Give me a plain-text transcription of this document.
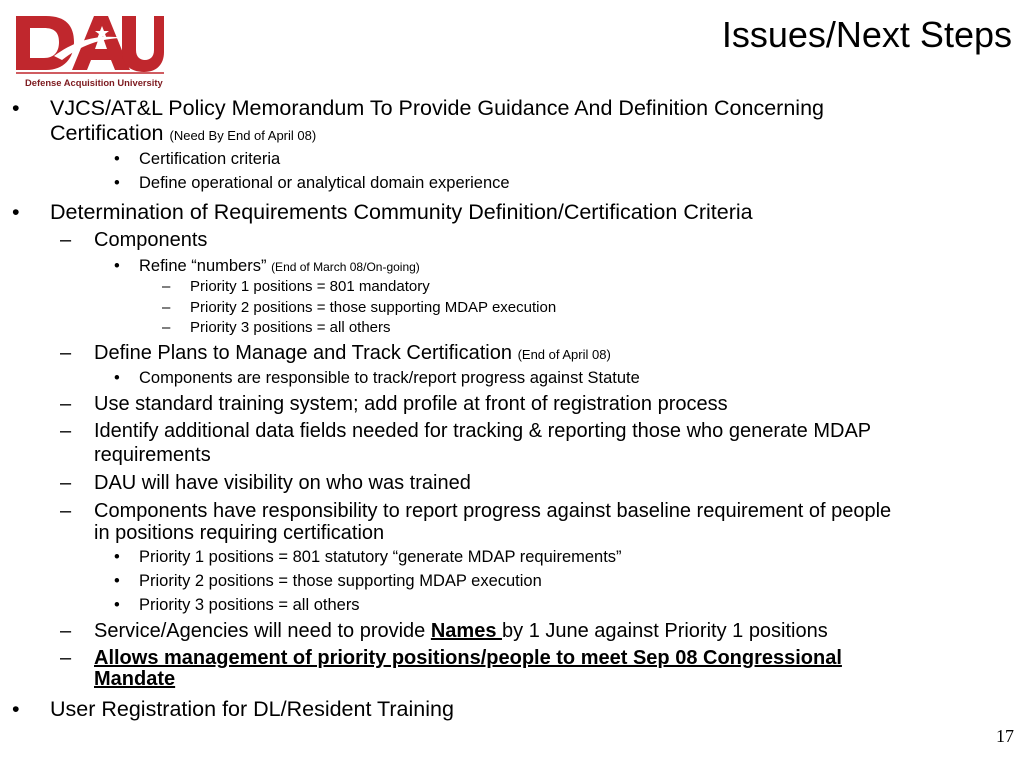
Defense Acquisition University
Issues/Next Steps
• VJCS/AT&L Policy Memorandum To Provide Guidance And Definition Concerning
Certification (Need By End of April 08)
• Certification criteria
• Define operational or analytical domain experience
• Determination of Requirements Community Definition/Certification Criteria
– Components
• Refine “numbers” (End of March 08/On-going)
– Priority 1 positions = 801 mandatory
– Priority 2 positions = those supporting MDAP execution
– Priority 3 positions = all others
– Define Plans to Manage and Track Certification (End of April 08)
• Components are responsible to track/report progress against Statute
– Use standard training system; add profile at front of registration process
– Identify additional data fields needed for tracking & reporting those who generate MDAP
requirements
– DAU will have visibility on who was trained
– Components have responsibility to report progress against baseline requirement of people
in positions requiring certification
• Priority 1 positions = 801 statutory “generate MDAP requirements”
• Priority 2 positions = those supporting MDAP execution
• Priority 3 positions = all others
– Service/Agencies will need to provide Names by 1 June against Priority 1 positions
– Allows management of priority positions/people to meet Sep 08 Congressional
Mandate
• User Registration for DL/Resident Training
17
